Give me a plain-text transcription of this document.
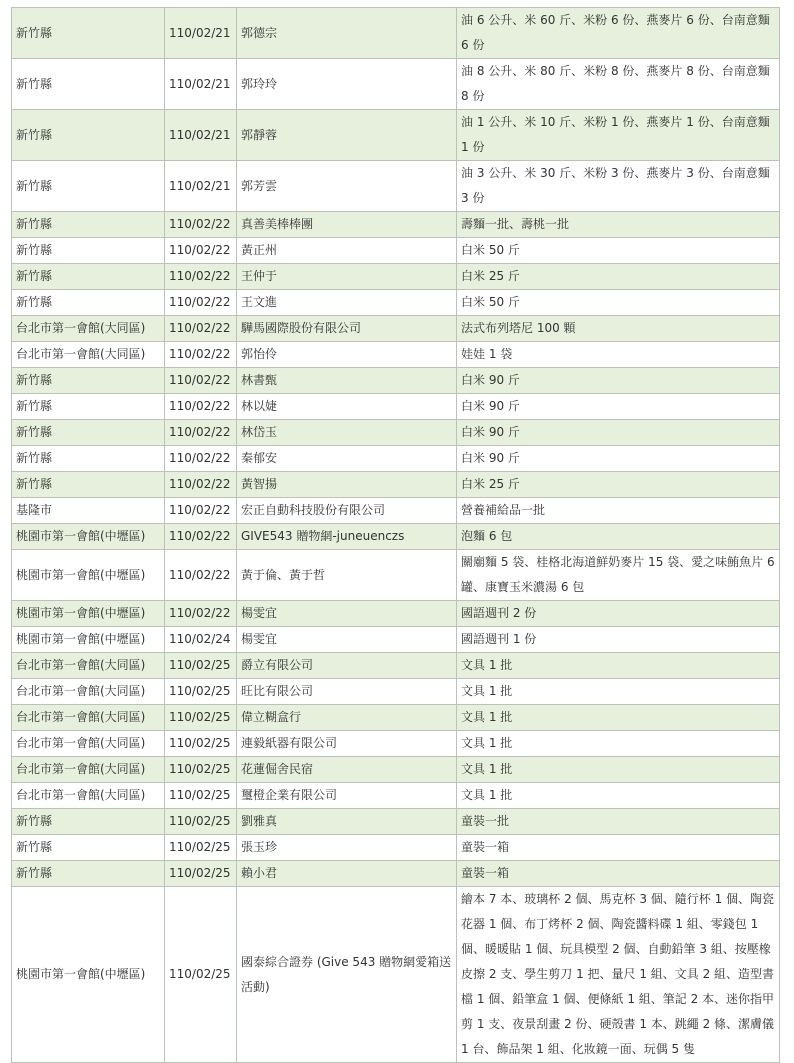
新竹縣	110/02/21	郭德宗	油 6 公升、米 60 斤、米粉 6 份、燕麥片 6 份、台南意麵 6 份
新竹縣	110/02/21	郭玲玲	油 8 公升、米 80 斤、米粉 8 份、燕麥片 8 份、台南意麵 8 份
新竹縣	110/02/21	郭靜蓉	油 1 公升、米 10 斤、米粉 1 份、燕麥片 1 份、台南意麵 1 份
新竹縣	110/02/21	郭芳雲	油 3 公升、米 30 斤、米粉 3 份、燕麥片 3 份、台南意麵 3 份
新竹縣	110/02/22	真善美棒棒團	壽麵一批、壽桃一批
新竹縣	110/02/22	黃正州	白米 50 斤
新竹縣	110/02/22	王仲于	白米 25 斤
新竹縣	110/02/22	王文進	白米 50 斤
台北市第一會館(大同區)	110/02/22	驊馬國際股份有限公司	法式布列塔尼 100 顆
台北市第一會館(大同區)	110/02/22	郭怡伶	娃娃 1 袋
新竹縣	110/02/22	林書甄	白米 90 斤
新竹縣	110/02/22	林以婕	白米 90 斤
新竹縣	110/02/22	林岱玉	白米 90 斤
新竹縣	110/02/22	秦郁安	白米 90 斤
新竹縣	110/02/22	黃智揚	白米 25 斤
基隆市	110/02/22	宏正自動科技股份有限公司	營養補給品一批
桃園市第一會館(中壢區)	110/02/22	GIVE543 贈物網-juneuenczs	泡麵 6 包
桃園市第一會館(中壢區)	110/02/22	黃于倫、黃于哲	關廟麵 5 袋、桂格北海道鮮奶麥片 15 袋、愛之味鮪魚片 6 罐、康寶玉米濃湯 6 包
桃園市第一會館(中壢區)	110/02/22	楊雯宜	國語週刊 2 份
桃園市第一會館(中壢區)	110/02/24	楊雯宜	國語週刊 1 份
台北市第一會館(大同區)	110/02/25	爵立有限公司	文具 1 批
台北市第一會館(大同區)	110/02/25	旺比有限公司	文具 1 批
台北市第一會館(大同區)	110/02/25	偉立糊盒行	文具 1 批
台北市第一會館(大同區)	110/02/25	連毅紙器有限公司	文具 1 批
台北市第一會館(大同區)	110/02/25	花蓮倔舍民宿	文具 1 批
台北市第一會館(大同區)	110/02/25	璽橙企業有限公司	文具 1 批
新竹縣	110/02/25	劉雅真	童裝一批
新竹縣	110/02/25	張玉珍	童裝一箱
新竹縣	110/02/25	賴小君	童裝一箱
桃園市第一會館(中壢區)	110/02/25	國泰綜合證券 (Give 543 贈物網愛箱送活動)	繪本 7 本、玻璃杯 2 個、馬克杯 3 個、隨行杯 1 個、陶瓷花器 1 個、布丁烤杯 2 個、陶瓷醬料碟 1 組、零錢包 1 個、暖暖貼 1 個、玩具模型 2 個、自動鉛筆 3 組、按壓橡皮擦 2 支、學生剪刀 1 把、量尺 1 組、文具 2 組、造型書檔 1 個、鉛筆盒 1 個、便條紙 1 組、筆記 2 本、迷你指甲剪 1 支、夜景刮畫 2 份、硬殼書 1 本、跳繩 2 條、潔膚儀 1 台、飾品架 1 組、化妝鏡一面、玩偶 5 隻
